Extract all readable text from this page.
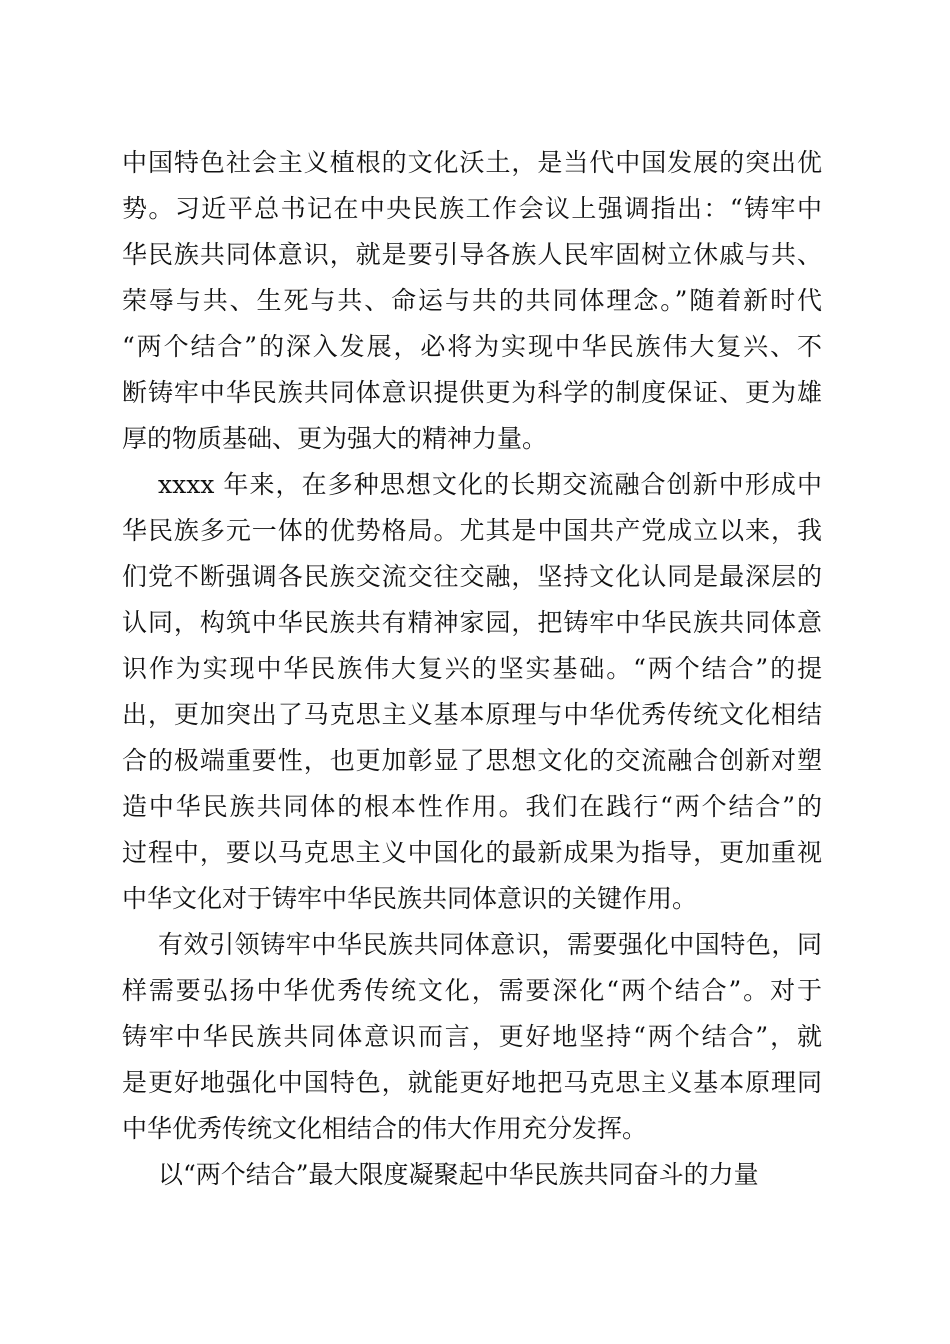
中国特色社会主义植根的文化沃土，是当代中国发展的突出优
势。习近平总书记在中央民族工作会议上强调指出：“铸牢中
华民族共同体意识，就是要引导各族人民牢固树立休戚与共、
荣辱与共、生死与共、命运与共的共同体理念。”随着新时代
“两个结合”的深入发展，必将为实现中华民族伟大复兴、不
断铸牢中华民族共同体意识提供更为科学的制度保证、更为雄
厚的物质基础、更为强大的精神力量。
xxxx 年来，在多种思想文化的长期交流融合创新中形成中
华民族多元一体的优势格局。尤其是中国共产党成立以来，我
们党不断强调各民族交流交往交融，坚持文化认同是最深层的
认同，构筑中华民族共有精神家园，把铸牢中华民族共同体意
识作为实现中华民族伟大复兴的坚实基础。“两个结合”的提
出，更加突出了马克思主义基本原理与中华优秀传统文化相结
合的极端重要性，也更加彰显了思想文化的交流融合创新对塑
造中华民族共同体的根本性作用。我们在践行“两个结合”的
过程中，要以马克思主义中国化的最新成果为指导，更加重视
中华文化对于铸牢中华民族共同体意识的关键作用。
有效引领铸牢中华民族共同体意识，需要强化中国特色，同
样需要弘扬中华优秀传统文化，需要深化“两个结合”。对于
铸牢中华民族共同体意识而言，更好地坚持“两个结合”，就
是更好地强化中国特色，就能更好地把马克思主义基本原理同
中华优秀传统文化相结合的伟大作用充分发挥。
以“两个结合”最大限度凝聚起中华民族共同奋斗的力量
